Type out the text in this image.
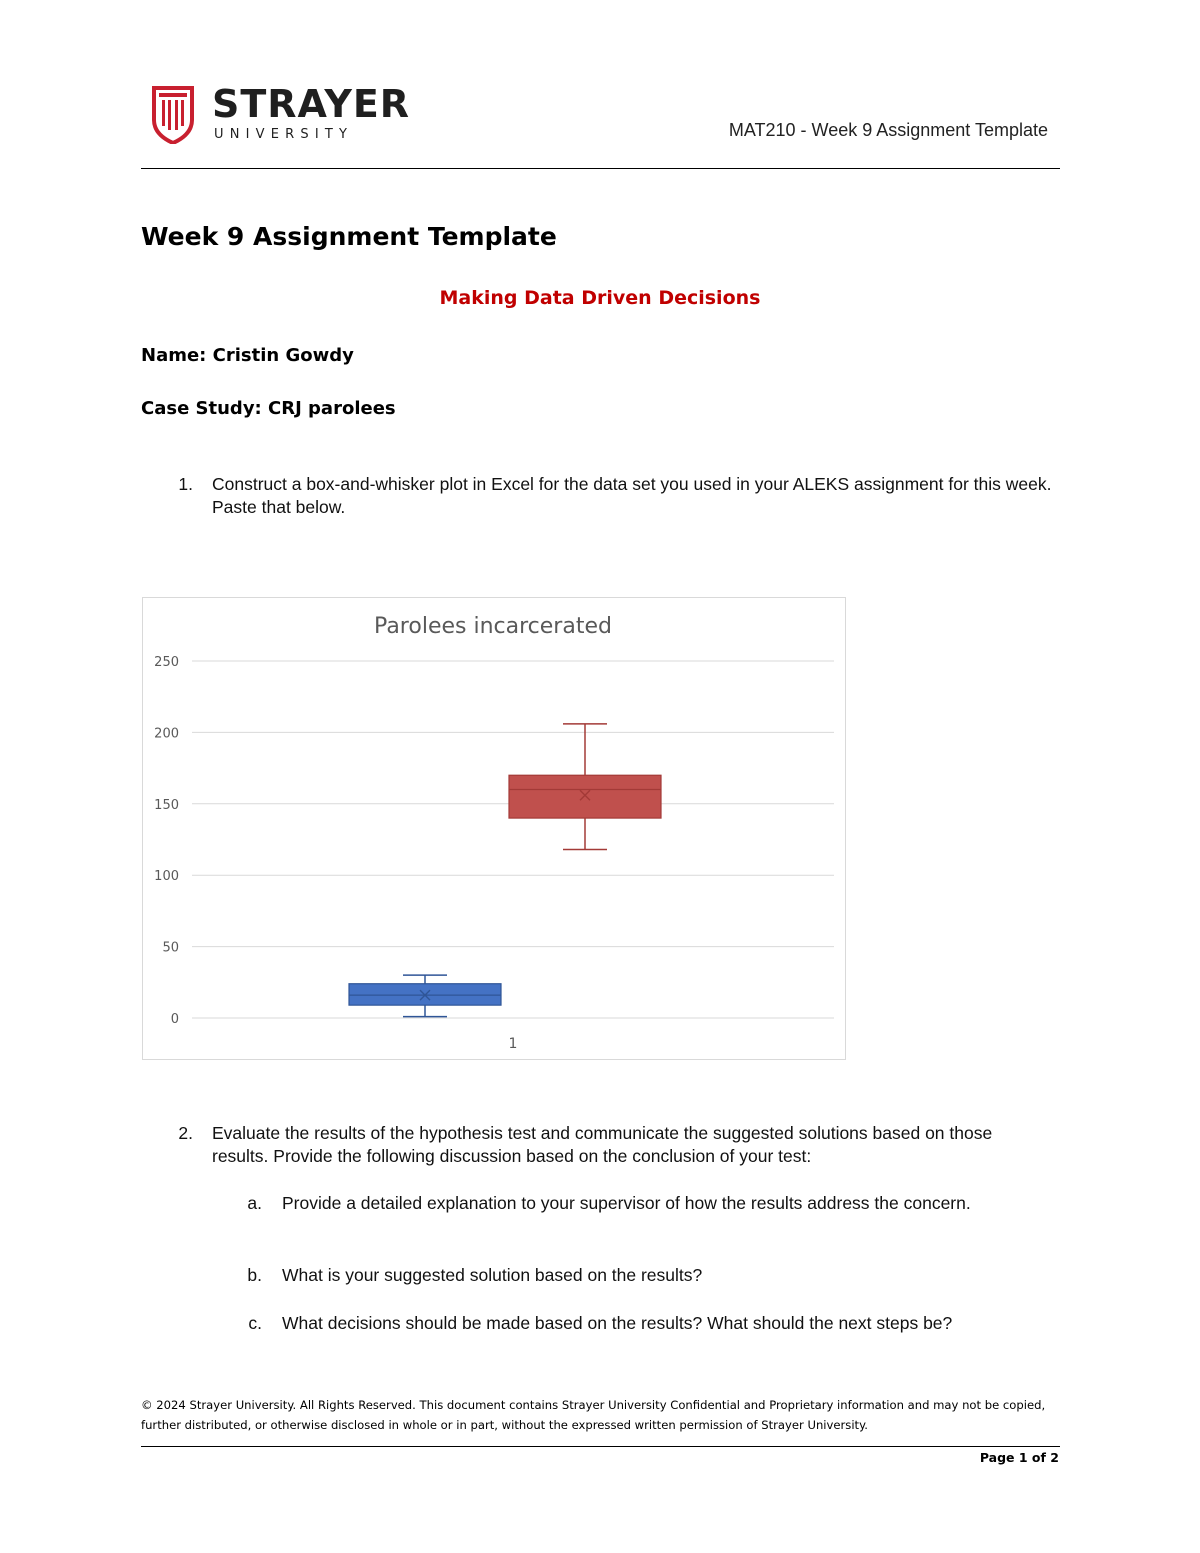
STRAYER
UNIVERSITY	MAT210 - Week 9 Assignment Template
Week 9 Assignment Template
Making Data Driven Decisions
Name: Cristin Gowdy
Case Study: CRJ parolees
1. Construct a box-and-whisker plot in Excel for the data set you used in your ALEKS assignment for this week. Paste that below.
0
50
100
150
200
250
Parolees incarcerated
1
2. Evaluate the results of the hypothesis test and communicate the suggested solutions based on those results. Provide the following discussion based on the conclusion of your test:
a. Provide a detailed explanation to your supervisor of how the results address the concern.
b. What is your suggested solution based on the results?
c. What decisions should be made based on the results? What should the next steps be?
© 2024 Strayer University. All Rights Reserved. This document contains Strayer University Confidential and Proprietary information and may not be copied, further distributed, or otherwise disclosed in whole or in part, without the expressed written permission of Strayer University.
Page 1 of 2
